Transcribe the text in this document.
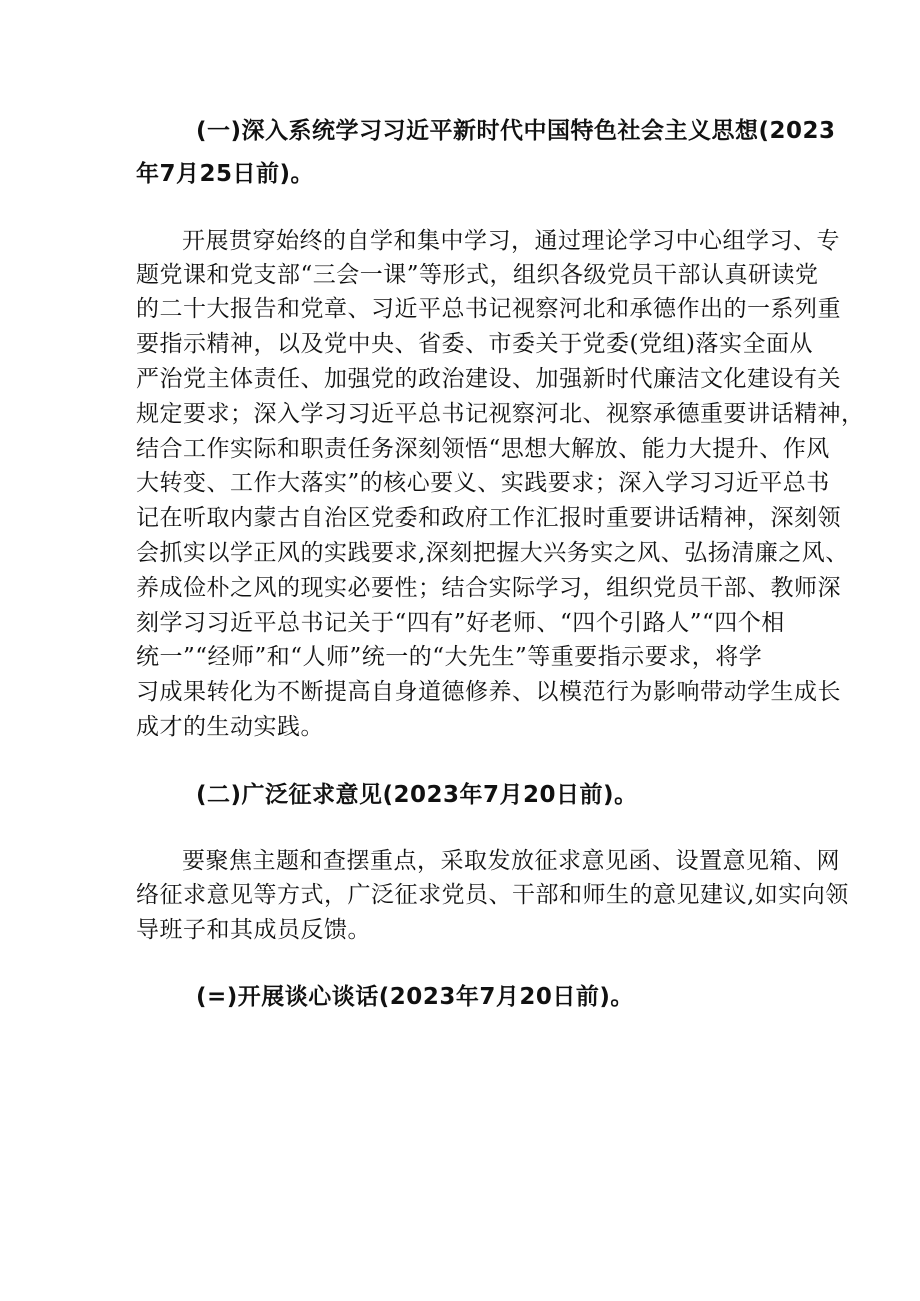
(一)深入系统学习习近平新时代中国特色社会主义思想(2023
年7月25日前)。
开展贯穿始终的自学和集中学习，通过理论学习中心组学习、专
题党课和党支部“三会一课”等形式，组织各级党员干部认真研读党
的二十大报告和党章、习近平总书记视察河北和承德作出的一系列重
要指示精神，以及党中央、省委、市委关于党委(党组)落实全面从
严治党主体责任、加强党的政治建设、加强新时代廉洁文化建设有关
规定要求；深入学习习近平总书记视察河北、视察承德重要讲话精神，
结合工作实际和职责任务深刻领悟“思想大解放、能力大提升、作风
大转变、工作大落实”的核心要义、实践要求；深入学习习近平总书
记在听取内蒙古自治区党委和政府工作汇报时重要讲话精神，深刻领
会抓实以学正风的实践要求,深刻把握大兴务实之风、弘扬清廉之风、
养成俭朴之风的现实必要性；结合实际学习，组织党员干部、教师深
刻学习习近平总书记关于“四有”好老师、“四个引路人”“四个相
统一”“经师”和“人师”统一的“大先生”等重要指示要求，将学
习成果转化为不断提高自身道德修养、以模范行为影响带动学生成长
成才的生动实践。
(二)广泛征求意见(2023年7月20日前)。
要聚焦主题和查摆重点，采取发放征求意见函、设置意见箱、网
络征求意见等方式，广泛征求党员、干部和师生的意见建议,如实向领
导班子和其成员反馈。
(=)开展谈心谈话(2023年7月20日前)。
